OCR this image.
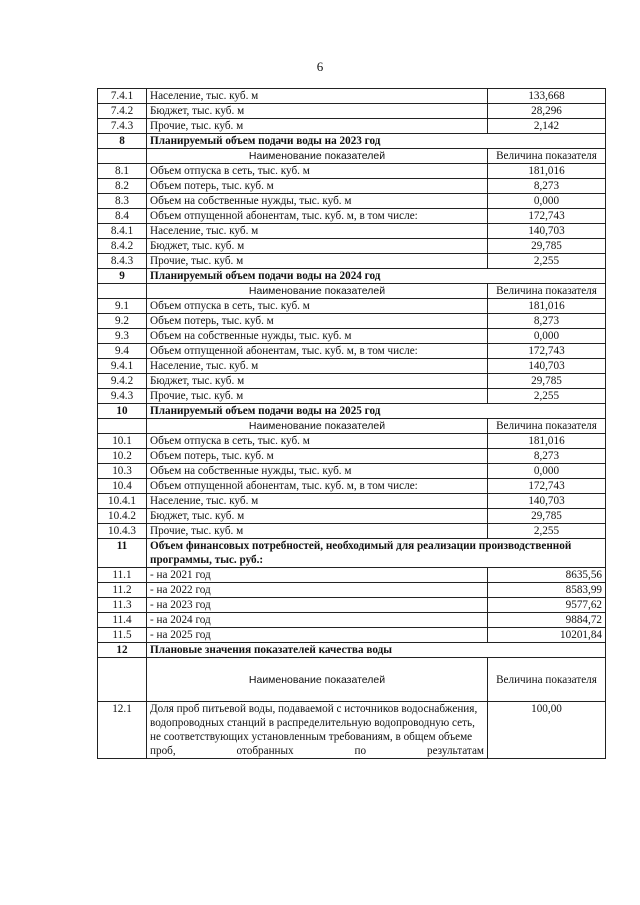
6
7.4.1	Население, тыс. куб. м	133,668
7.4.2	Бюджет, тыс. куб. м	28,296
7.4.3	Прочие, тыс. куб. м	2,142
8	Планируемый объем подачи воды на 2023 год	
	Наименование показателей	Величина показателя
8.1	Объем отпуска в сеть, тыс. куб. м	181,016
8.2	Объем потерь, тыс. куб. м	8,273
8.3	Объем на собственные нужды, тыс. куб. м	0,000
8.4	Объем отпущенной абонентам, тыс. куб. м, в том числе:	172,743
8.4.1	Население, тыс. куб. м	140,703
8.4.2	Бюджет, тыс. куб. м	29,785
8.4.3	Прочие, тыс. куб. м	2,255
9	Планируемый объем подачи воды на 2024 год	
	Наименование показателей	Величина показателя
9.1	Объем отпуска в сеть, тыс. куб. м	181,016
9.2	Объем потерь, тыс. куб. м	8,273
9.3	Объем на собственные нужды, тыс. куб. м	0,000
9.4	Объем отпущенной абонентам, тыс. куб. м, в том числе:	172,743
9.4.1	Население, тыс. куб. м	140,703
9.4.2	Бюджет, тыс. куб. м	29,785
9.4.3	Прочие, тыс. куб. м	2,255
10	Планируемый объем подачи воды на 2025 год	
	Наименование показателей	Величина показателя
10.1	Объем отпуска в сеть, тыс. куб. м	181,016
10.2	Объем потерь, тыс. куб. м	8,273
10.3	Объем на собственные нужды, тыс. куб. м	0,000
10.4	Объем отпущенной абонентам, тыс. куб. м, в том числе:	172,743
10.4.1	Население, тыс. куб. м	140,703
10.4.2	Бюджет, тыс. куб. м	29,785
10.4.3	Прочие, тыс. куб. м	2,255
11	Объем финансовых потребностей, необходимый для реализации производственной программы, тыс. руб.:	
11.1	- на 2021 год	8635,56
11.2	- на 2022 год	8583,99
11.3	- на 2023 год	9577,62
11.4	- на 2024 год	9884,72
11.5	- на 2025 год	10201,84
12	Плановые значения показателей качества воды	
	Наименование показателей	Величина показателя
12.1	Доля проб питьевой воды, подаваемой с источников водоснабжения, водопроводных станций в распределительную водопроводную сеть, не соответствующих установленным требованиям, в общем объеме проб, отобранных по результатам	100,00
